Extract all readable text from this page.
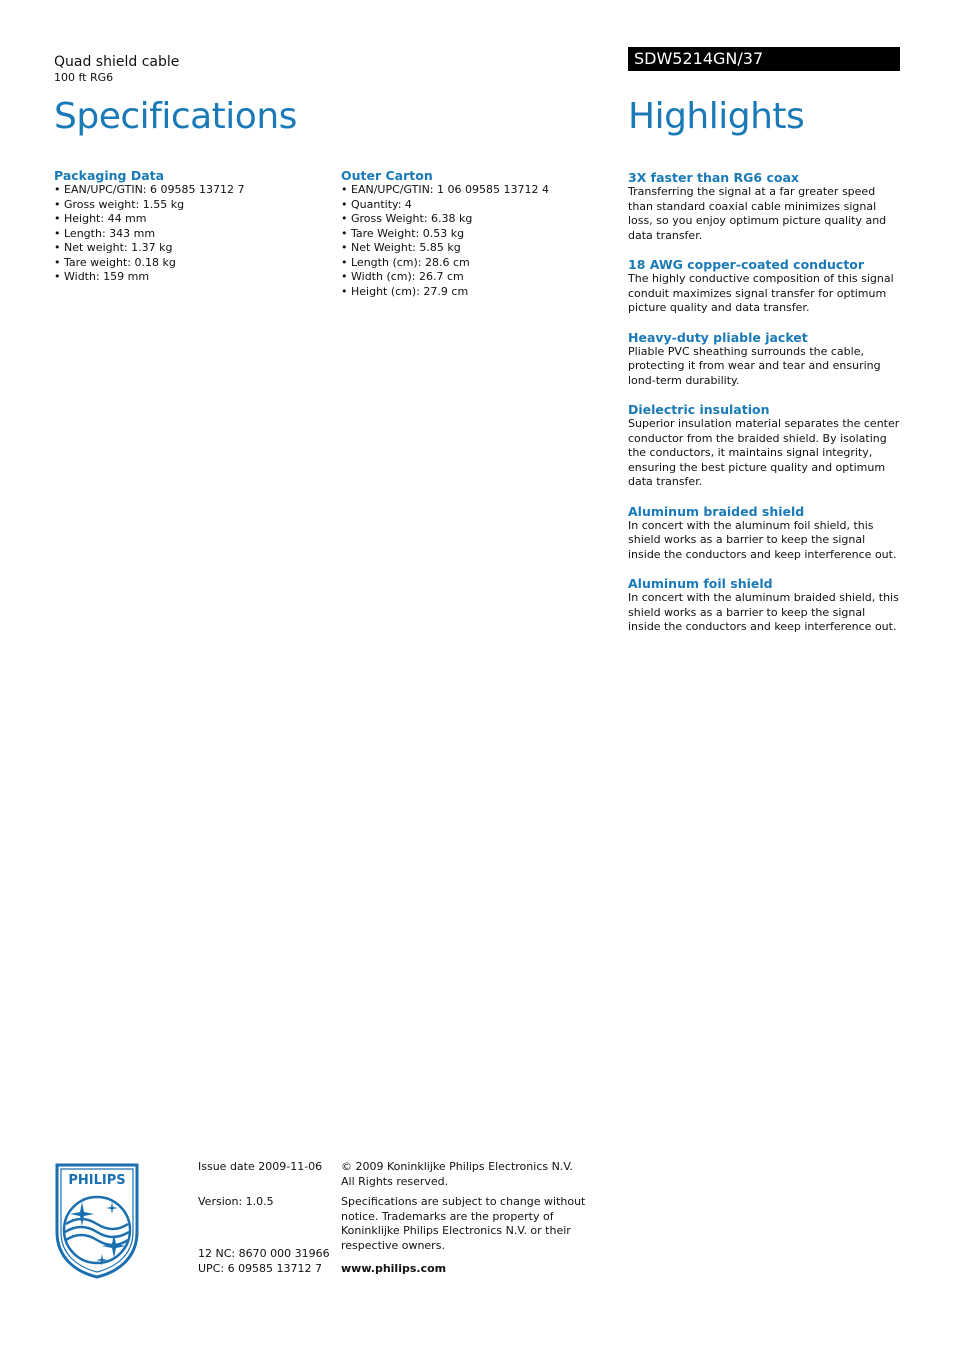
Quad shield cable
100 ft RG6
Specifications
SDW5214GN/37
Highlights
Packaging Data
• EAN/UPC/GTIN: 6 09585 13712 7
• Gross weight: 1.55 kg
• Height: 44 mm
• Length: 343 mm
• Net weight: 1.37 kg
• Tare weight: 0.18 kg
• Width: 159 mm
Outer Carton
• EAN/UPC/GTIN: 1 06 09585 13712 4
• Quantity: 4
• Gross Weight: 6.38 kg
• Tare Weight: 0.53 kg
• Net Weight: 5.85 kg
• Length (cm): 28.6 cm
• Width (cm): 26.7 cm
• Height (cm): 27.9 cm
3X faster than RG6 coax

Transferring the signal at a far greater speed than standard coaxial cable minimizes signal loss, so you enjoy optimum picture quality and data transfer.

18 AWG copper-coated conductor

The highly conductive composition of this signal conduit maximizes signal transfer for optimum picture quality and data transfer.

Heavy-duty pliable jacket

Pliable PVC sheathing surrounds the cable, protecting it from wear and tear and ensuring lond-term durability.

Dielectric insulation

Superior insulation material separates the center conductor from the braided shield. By isolating the conductors, it maintains signal integrity, ensuring the best picture quality and optimum data transfer.

Aluminum braided shield

In concert with the aluminum foil shield, this shield works as a barrier to keep the signal inside the conductors and keep interference out.

Aluminum foil shield

In concert with the aluminum braided shield, this shield works as a barrier to keep the signal inside the conductors and keep interference out.

PHILIPS
Issue date 2009-11-06
Version: 1.0.5
12 NC: 8670 000 31966
UPC: 6 09585 13712 7
© 2009 Koninklijke Philips Electronics N.V.
All Rights reserved.
Specifications are subject to change without notice. Trademarks are the property of Koninklijke Philips Electronics N.V. or their respective owners.
www.philips.com
